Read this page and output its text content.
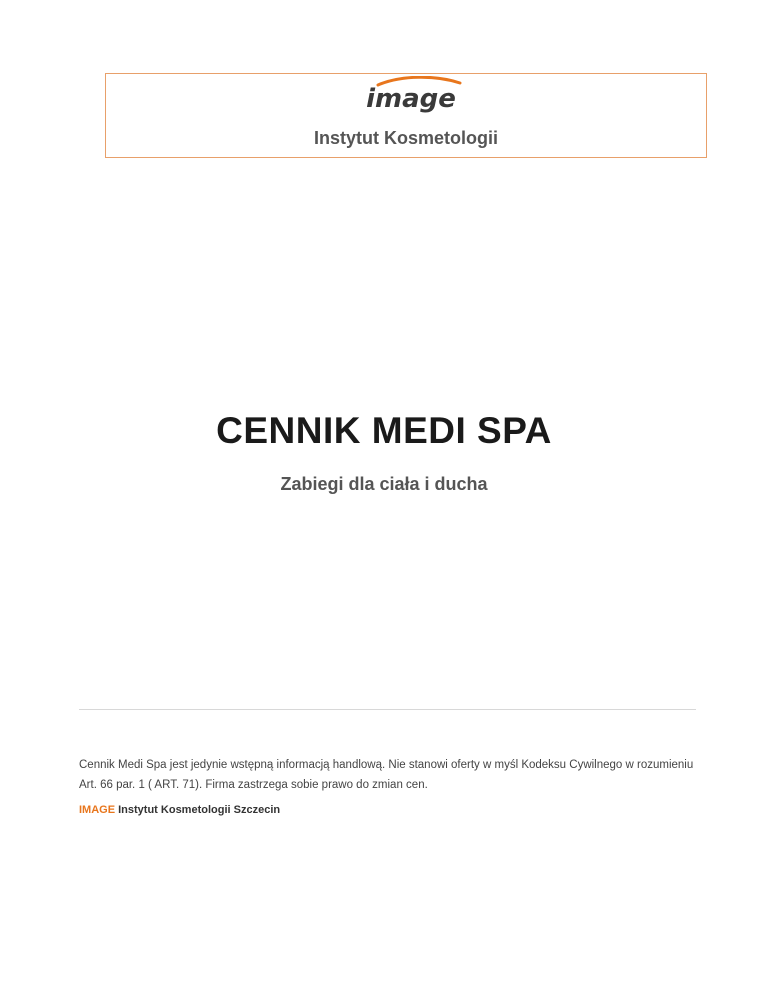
image
Instytut Kosmetologii
CENNIK MEDI SPA
Zabiegi dla ciała i ducha

Cennik Medi Spa jest jedynie wstępną informacją handlową. Nie stanowi oferty w myśl Kodeksu Cywilnego w rozumieniu Art. 66 par. 1 ( ART. 71). Firma zastrzega sobie prawo do zmian cen.

IMAGE Instytut Kosmetologii Szczecin
